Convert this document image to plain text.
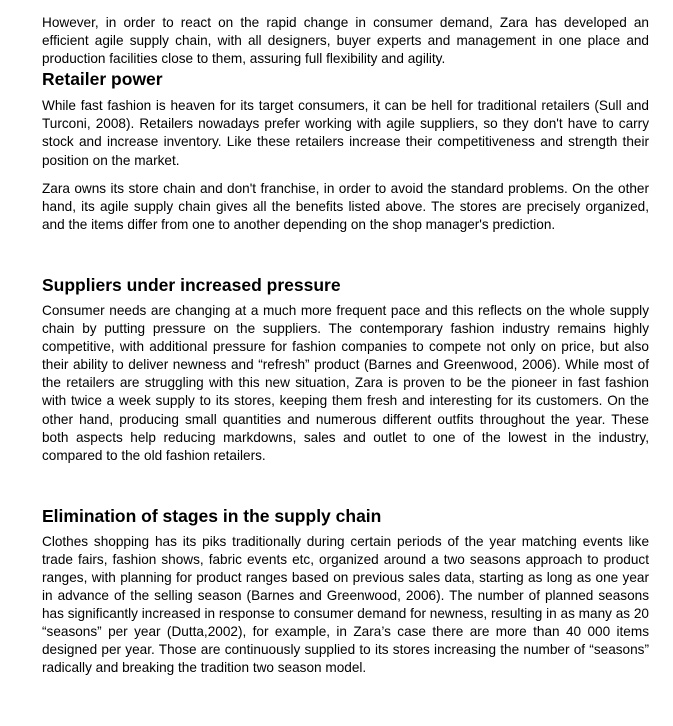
However, in order to react on the rapid change in consumer demand, Zara has developed an efficient agile supply chain, with all designers, buyer experts and management in one place and production facilities close to them, assuring full flexibility and agility.

Retailer power

While fast fashion is heaven for its target consumers, it can be hell for traditional retailers (Sull and Turconi, 2008). Retailers nowadays prefer working with agile suppliers, so they don't have to carry stock and increase inventory. Like these retailers increase their competitiveness and strength their position on the market.

Zara owns its store chain and don't franchise, in order to avoid the standard problems. On the other hand, its agile supply chain gives all the benefits listed above. The stores are precisely organized, and the items differ from one to another depending on the shop manager's prediction.

Suppliers under increased pressure

Consumer needs are changing at a much more frequent pace and this reflects on the whole supply chain by putting pressure on the suppliers. The contemporary fashion industry remains highly competitive, with additional pressure for fashion companies to compete not only on price, but also their ability to deliver newness and “refresh” product (Barnes and Greenwood, 2006). While most of the retailers are struggling with this new situation, Zara is proven to be the pioneer in fast fashion with twice a week supply to its stores, keeping them fresh and interesting for its customers. On the other hand, producing small quantities and numerous different outfits throughout the year. These both aspects help reducing markdowns, sales and outlet to one of the lowest in the industry, compared to the old fashion retailers.

Elimination of stages in the supply chain

Clothes shopping has its piks traditionally during certain periods of the year matching events like trade fairs, fashion shows, fabric events etc, organized around a two seasons approach to product ranges, with planning for product ranges based on previous sales data, starting as long as one year in advance of the selling season (Barnes and Greenwood, 2006). The number of planned seasons has significantly increased in response to consumer demand for newness, resulting in as many as 20 “seasons” per year (Dutta,2002), for example, in Zara’s case there are more than 40 000 items designed per year. Those are continuously supplied to its stores increasing the number of “seasons” radically and breaking the tradition two season model.
